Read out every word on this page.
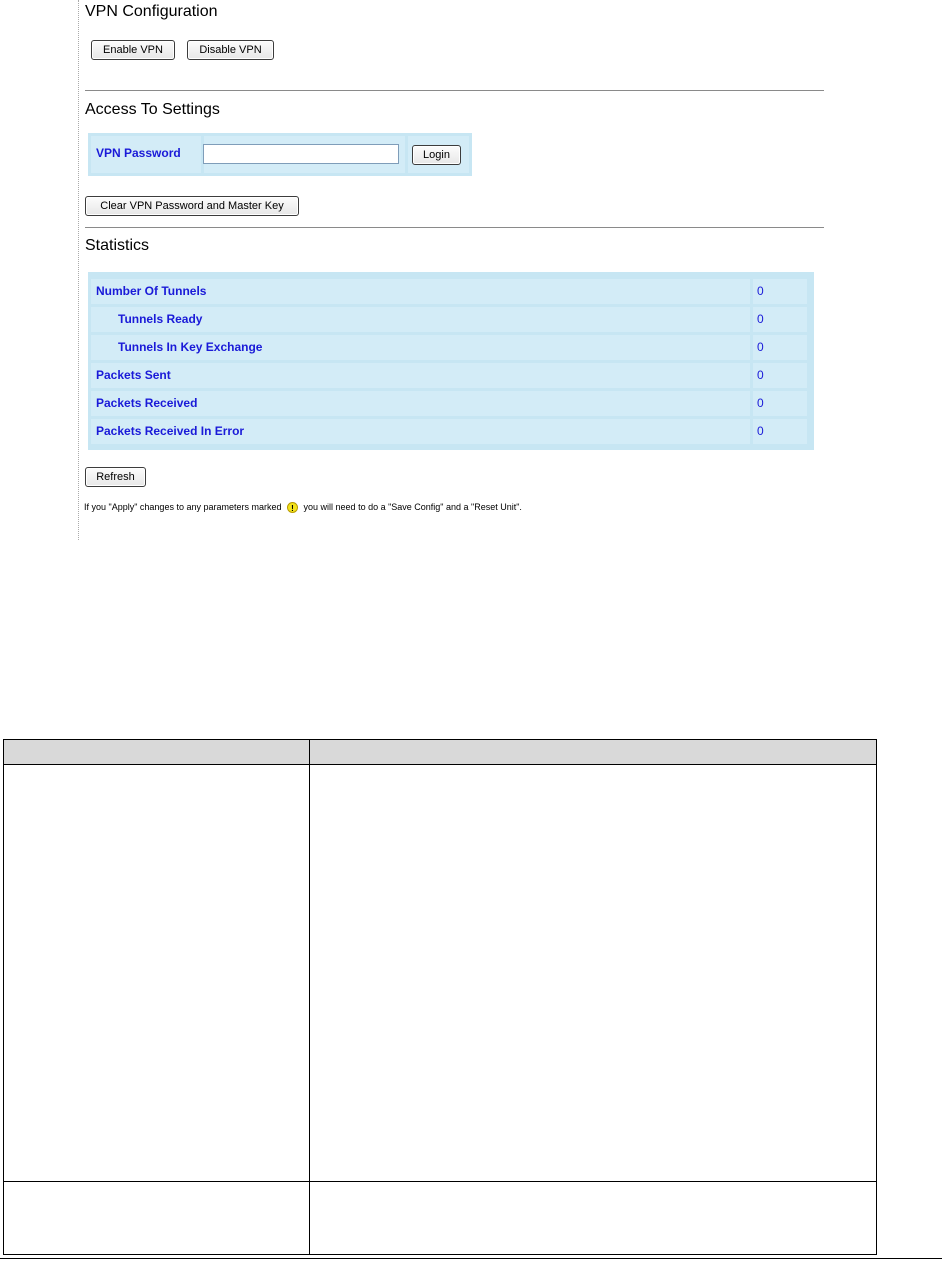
VPN Configuration
Enable VPN	Disable VPN
Access To Settings
VPN Password	Login
Clear VPN Password and Master Key
Statistics
Number Of Tunnels	0
Tunnels Ready	0
Tunnels In Key Exchange	0
Packets Sent	0
Packets Received	0
Packets Received In Error	0
Refresh
If you "Apply" changes to any parameters marked ! you will need to do a "Save Config" and a "Reset Unit".
